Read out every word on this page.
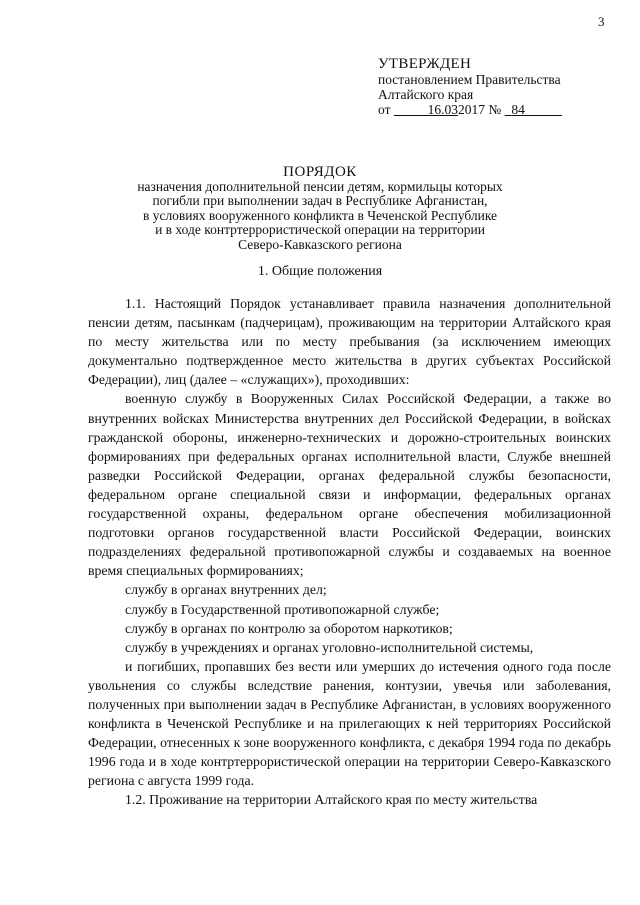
3
УТВЕРЖДЕН
постановлением Правительства
Алтайского края
от	16.032017 № 84
ПОРЯДОК
назначения дополнительной пенсии детям, кормильцы которых
погибли при выполнении задач в Республике Афганистан,
в условиях вооруженного конфликта в Чеченской Республике
и в ходе контртеррористической операции на территории
Северо-Кавказского региона
1. Общие положения

1.1. Настоящий Порядок устанавливает правила назначения дополнительной пенсии детям, пасынкам (падчерицам), проживающим на территории Алтайского края по месту жительства или по месту пребывания (за исключением имеющих документально подтвержденное место жительства в других субъектах Российской Федерации), лиц (далее – «служащих»), проходивших:

военную службу в Вооруженных Силах Российской Федерации, а также во внутренних войсках Министерства внутренних дел Российской Федерации, в войсках гражданской обороны, инженерно-технических и дорожно-строительных воинских формированиях при федеральных органах исполнительной власти, Службе внешней разведки Российской Федерации, органах федеральной службы безопасности, федеральном органе специальной связи и информации, федеральных органах государственной охраны, федеральном органе обеспечения мобилизационной подготовки органов государственной власти Российской Федерации, воинских подразделениях федеральной противопожарной службы и создаваемых на военное время специальных формированиях;

службу в органах внутренних дел;

службу в Государственной противопожарной службе;

службу в органах по контролю за оборотом наркотиков;

службу в учреждениях и органах уголовно-исполнительной системы,

и погибших, пропавших без вести или умерших до истечения одного года после увольнения со службы вследствие ранения, контузии, увечья или заболевания, полученных при выполнении задач в Республике Афганистан, в условиях вооруженного конфликта в Чеченской Республике и на прилегающих к ней территориях Российской Федерации, отнесенных к зоне вооруженного конфликта, с декабря 1994 года по декабрь 1996 года и в ходе контртеррористической операции на территории Северо-Кавказского региона с августа 1999 года.

1.2. Проживание на территории Алтайского края по месту жительства
